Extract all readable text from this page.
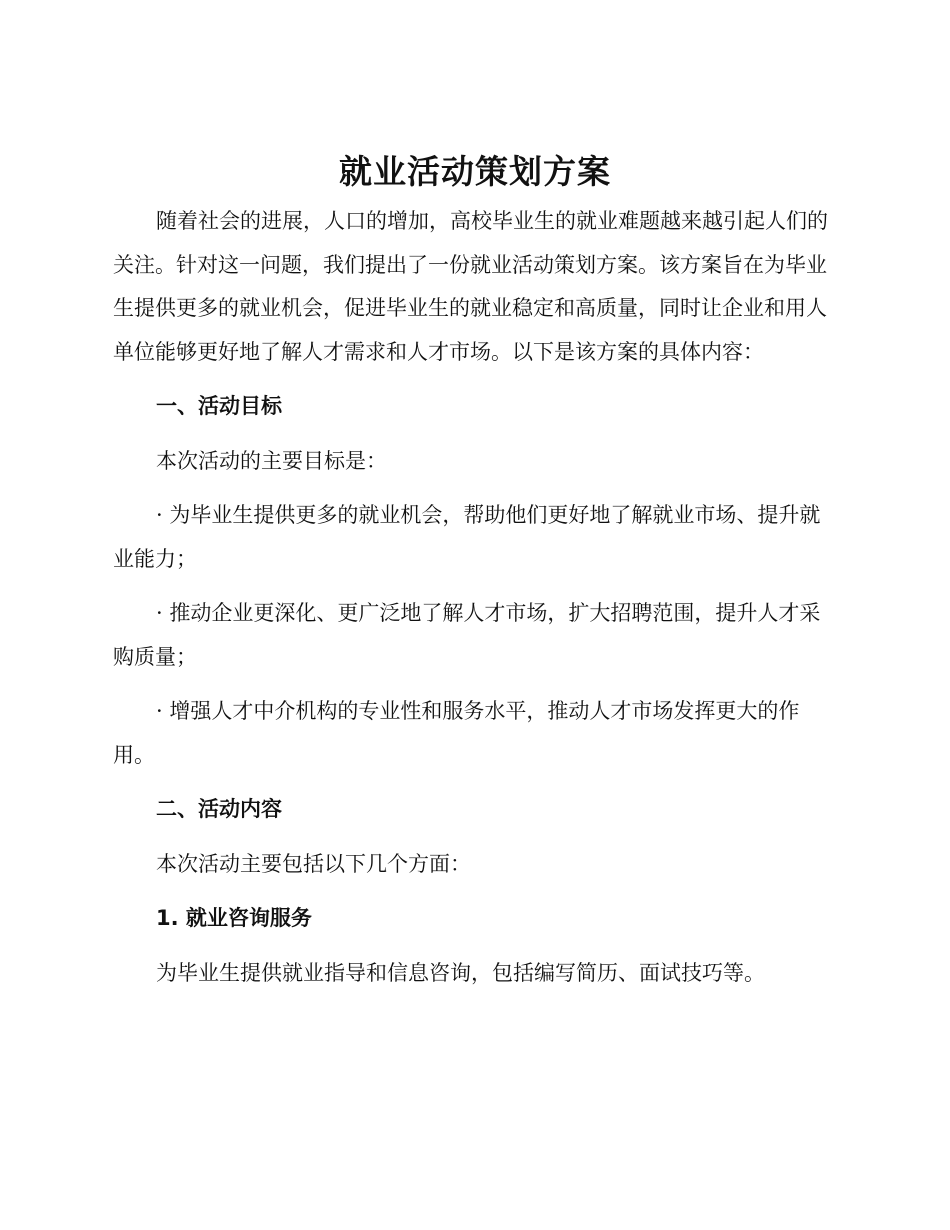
就业活动策划方案

随着社会的进展，人口的增加，高校毕业生的就业难题越来越引起人们的关注。针对这一问题，我们提出了一份就业活动策划方案。该方案旨在为毕业生提供更多的就业机会，促进毕业生的就业稳定和高质量，同时让企业和用人单位能够更好地了解人才需求和人才市场。以下是该方案的具体内容：

一、活动目标

本次活动的主要目标是：

· 为毕业生提供更多的就业机会，帮助他们更好地了解就业市场、提升就业能力；

· 推动企业更深化、更广泛地了解人才市场，扩大招聘范围，提升人才采购质量；

· 增强人才中介机构的专业性和服务水平，推动人才市场发挥更大的作用。

二、活动内容

本次活动主要包括以下几个方面：

1. 就业咨询服务

为毕业生提供就业指导和信息咨询，包括编写简历、面试技巧等。
